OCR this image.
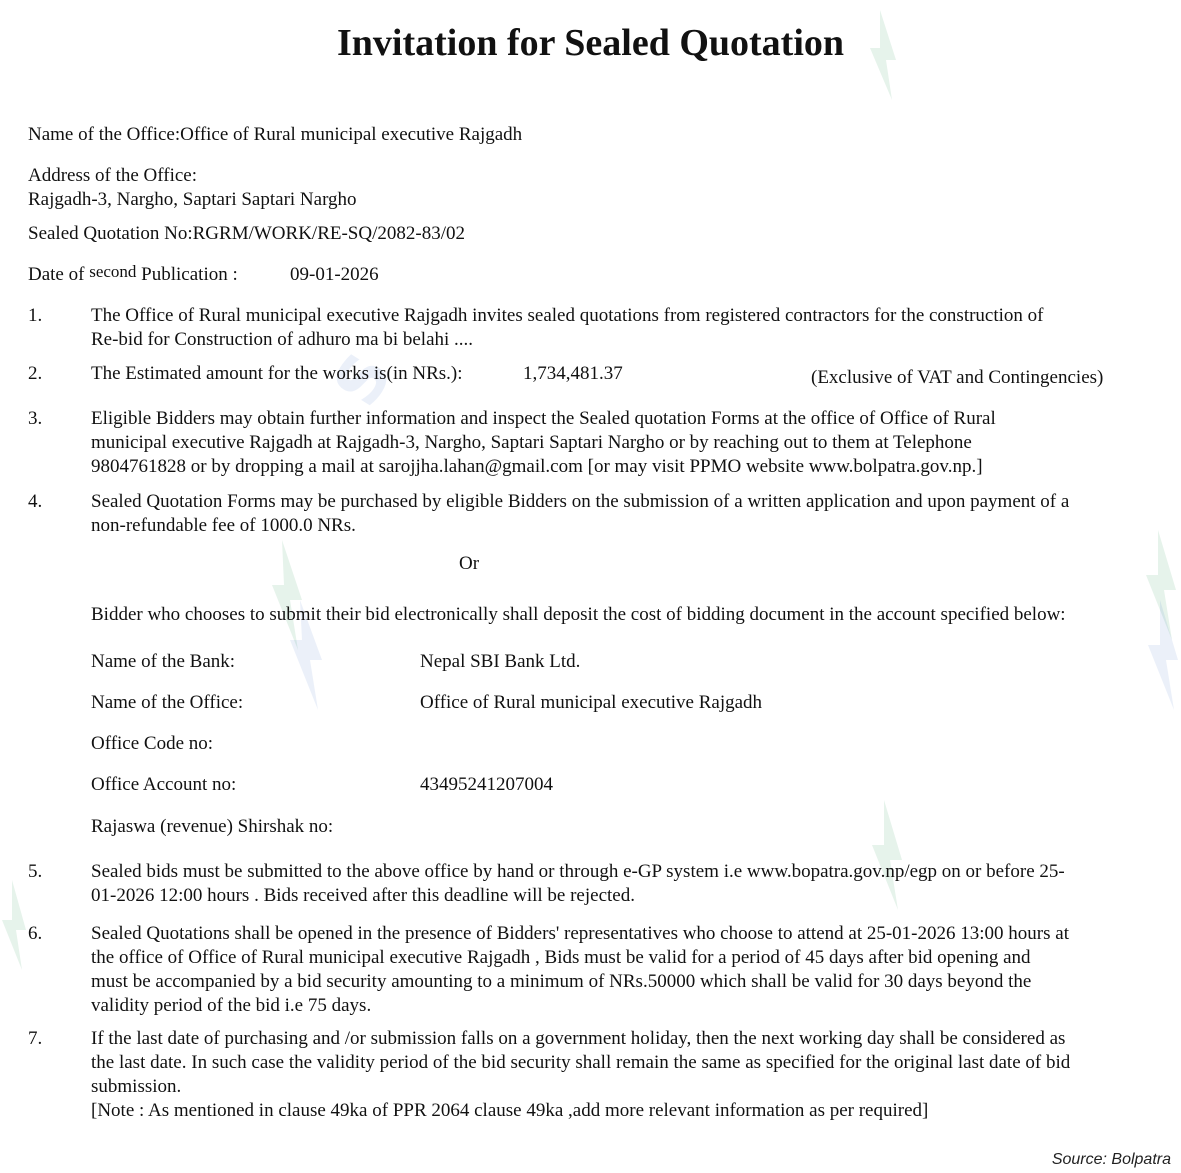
S
Invitation for Sealed Quotation
Name of the Office:Office of Rural municipal executive Rajgadh
Address of the Office:
Rajgadh-3, Nargho, Saptari Saptari Nargho
Sealed Quotation No:RGRM/WORK/RE-SQ/2082-83/02
Date of second Publication :	09-01-2026
1.	The Office of Rural municipal executive Rajgadh invites sealed quotations from registered contractors for the construction of
Re-bid for Construction of adhuro ma bi belahi ....
2.	The Estimated amount for the works is(in NRs.):	1,734,481.37	(Exclusive of VAT and Contingencies)
3.	Eligible Bidders may obtain further information and inspect the Sealed quotation Forms at the office of Office of Rural
municipal executive Rajgadh at Rajgadh-3, Nargho, Saptari Saptari Nargho or by reaching out to them at Telephone
9804761828 or by dropping a mail at sarojjha.lahan@gmail.com [or may visit PPMO website www.bolpatra.gov.np.]
4.	Sealed Quotation Forms may be purchased by eligible Bidders on the submission of a written application and upon payment of a
non-refundable fee of 1000.0 NRs.
Or
Bidder who chooses to submit their bid electronically shall deposit the cost of bidding document in the account specified below:
Name of the Bank:	Nepal SBI Bank Ltd.
Name of the Office:	Office of Rural municipal executive Rajgadh
Office Code no:
Office Account no:	43495241207004
Rajaswa (revenue) Shirshak no:
5.	Sealed bids must be submitted to the above office by hand or through e-GP system i.e www.bopatra.gov.np/egp on or before 25-
01-2026 12:00 hours . Bids received after this deadline will be rejected.
6.	Sealed Quotations shall be opened in the presence of Bidders' representatives who choose to attend at 25-01-2026 13:00 hours at
the office of Office of Rural municipal executive Rajgadh , Bids must be valid for a period of 45 days after bid opening and
must be accompanied by a bid security amounting to a minimum of NRs.50000 which shall be valid for 30 days beyond the
validity period of the bid i.e 75 days.
7.	If the last date of purchasing and /or submission falls on a government holiday, then the next working day shall be considered as
the last date. In such case the validity period of the bid security shall remain the same as specified for the original last date of bid
submission.
[Note : As mentioned in clause 49ka of PPR 2064 clause 49ka ,add more relevant information as per required]
Source: Bolpatra
